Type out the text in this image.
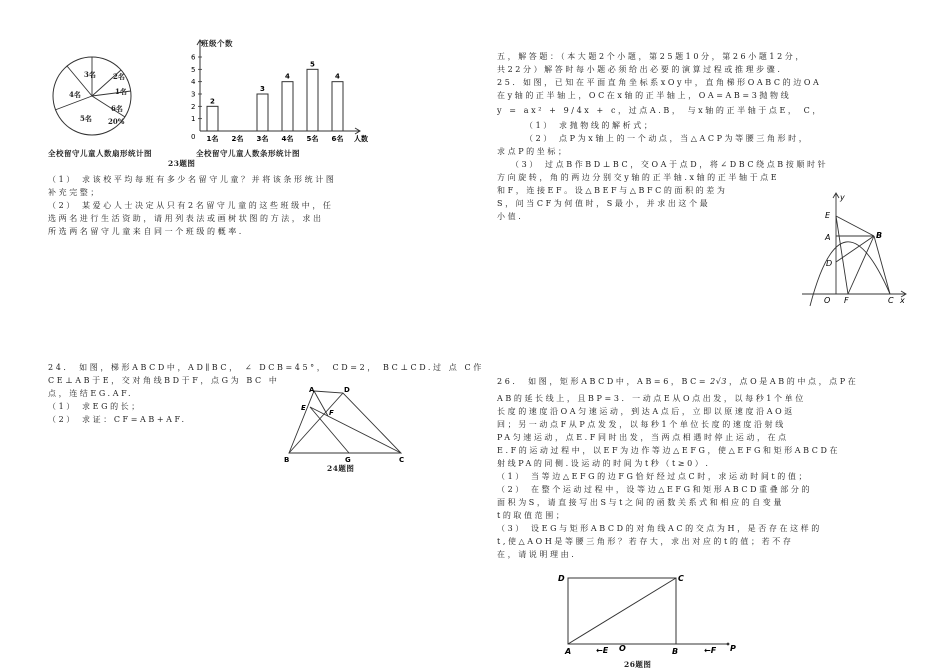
3名 2名
4名	1名
6名
20%
5名
全校留守儿童人数扇形统计图
1
2
3
4
5
6
0
2
1名 2名
3
3名
4
4名
5
5名
4
6名 人数
班级个数
全校留守儿童人数条形统计图
23题图
（1） 求该校平均每班有多少名留守儿童？并将该条形统计图
补充完整；
（2） 某爱心人士决定从只有2名留守儿童的这些班级中，任
选两名进行生活资助，请用列表法或画树状图的方法，求出
所选两名留守儿童来自同一个班级的概率.
24． 如图，梯形ABCD中，AD∥BC， ∠ DCB=45°， CD=2， BC⊥CD.过 点 C作
CE⊥AB于E，交对角线BD于F，点G为 BC 中
点，连结EG.AF.
（1） 求EG的长；
（2） 求证：CF=AB+AF.
A	D
E
F
B	G	C
24题图
五，解答题：（本大题2个小题，第25题10分，第26小题12分，
共22分）解答时每小题必须给出必要的演算过程或推理步骤.
25．如图，已知在平面直角坐标系xOy中，直角梯形OABC的边OA
在y轴的正半轴上，OC在x轴的正半轴上，OA=AB=3抛物线
y = ax² + 9/4x + c，过点A.B， 与x轴的正半轴于点E， C，
（1） 求抛物线的解析式；
（2） 点P为x轴上的一个动点，当△ACP为等腰三角形时，
求点P的坐标；
（3） 过点B作BD⊥BC，交OA于点D，将∠DBC绕点B按顺时针
方向旋转，角的两边分别交y轴的正半轴.x轴的正半轴于点E
和F，连接EF。设△BEF与△BFC的面积的差为
S，问当CF为何值时，S最小，并求出这个最
小值.
y
E
A	B
D
O F	C x
26． 如图，矩形ABCD中，AB=6，BC= 2√3 ，点O是AB的中点，点P在
AB的延长线上，且BP=3．一动点E从O点出发，以每秒1个单位
长度的速度沿OA匀速运动，到达A点后，立即以原速度沿AO返
回；另一动点F从P点发发，以每秒1个单位长度的速度沿射线
PA匀速运动，点E.F同时出发，当两点相遇时停止运动，在点
E.F的运动过程中，以EF为边作等边△EFG，使△EFG和矩形ABCD在
射线PA的同侧.设运动的时间为t秒（t≥0）.
（1） 当等边△EFG的边FG恰好经过点C时，求运动时间t的值；
（2） 在整个运动过程中，设等边△EFG和矩形ABCD重叠部分的
面积为S，请直接写出S与t之间的函数关系式和相应的自变量
t的取值范围；
（3） 设EG与矩形ABCD的对角线AC的交点为H，是否存在这样的
t,使△AOH是等腰三角形？若存大，求出对应的t的值；若不存
在，请说明理由.
D	C
A	←E O	B	←F P
26题图
